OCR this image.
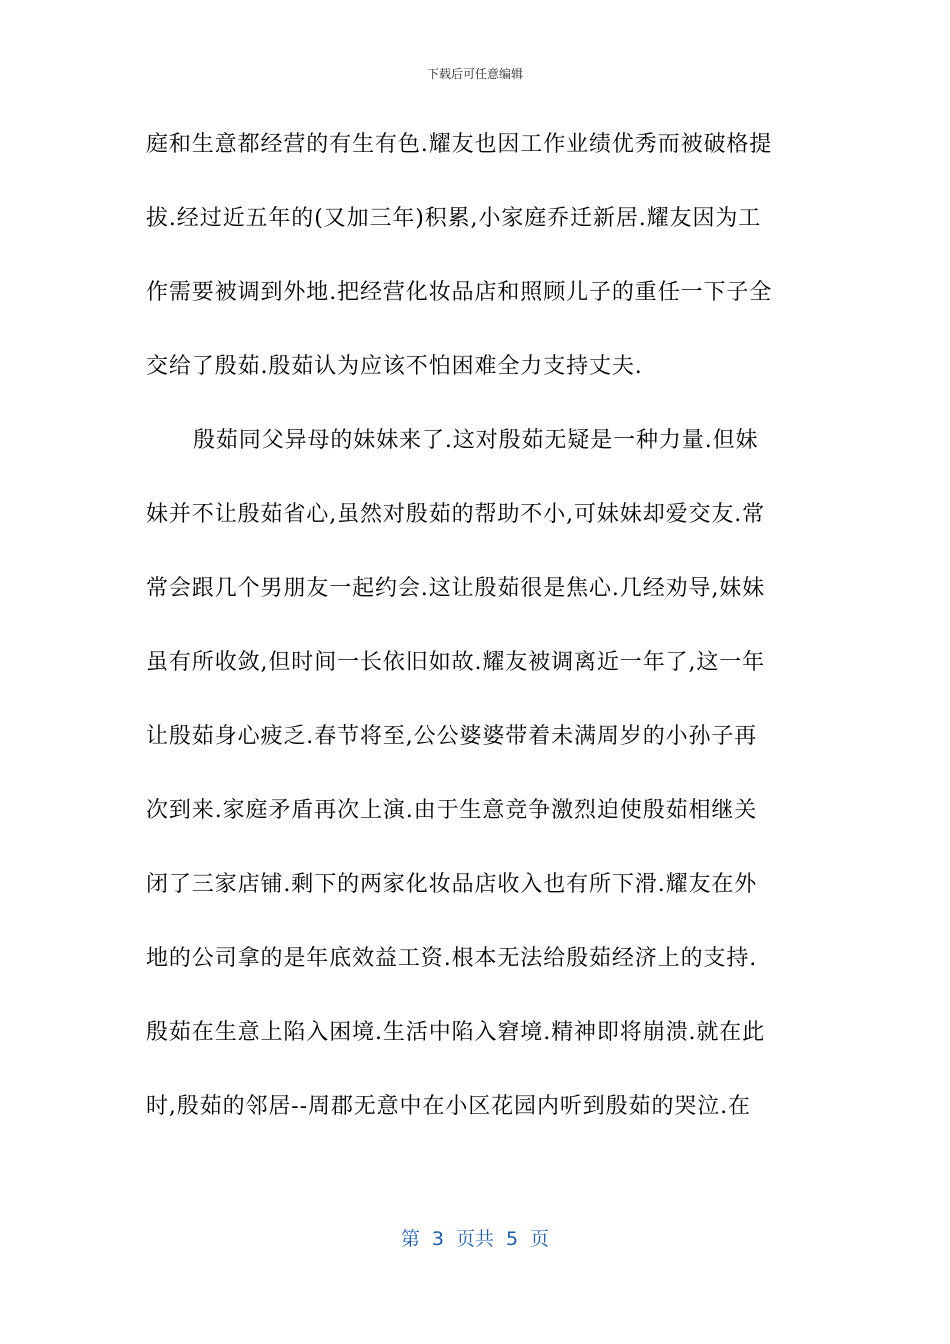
下载后可任意编辑
庭和生意都经营的有生有色.耀友也因工作业绩优秀而被破格提
拔.经过近五年的(又加三年)积累,小家庭乔迁新居.耀友因为工
作需要被调到外地.把经营化妆品店和照顾儿子的重任一下子全
交给了殷茹.殷茹认为应该不怕困难全力支持丈夫.
殷茹同父异母的妹妹来了.这对殷茹无疑是一种力量.但妹
妹并不让殷茹省心,虽然对殷茹的帮助不小,可妹妹却爱交友.常
常会跟几个男朋友一起约会.这让殷茹很是焦心.几经劝导,妹妹
虽有所收敛,但时间一长依旧如故.耀友被调离近一年了,这一年
让殷茹身心疲乏.春节将至,公公婆婆带着未满周岁的小孙子再
次到来.家庭矛盾再次上演.由于生意竞争激烈迫使殷茹相继关
闭了三家店铺.剩下的两家化妆品店收入也有所下滑.耀友在外
地的公司拿的是年底效益工资.根本无法给殷茹经济上的支持.
殷茹在生意上陷入困境.生活中陷入窘境.精神即将崩溃.就在此
时,殷茹的邻居--周郡无意中在小区花园内听到殷茹的哭泣.在
第 3 页共 5 页
